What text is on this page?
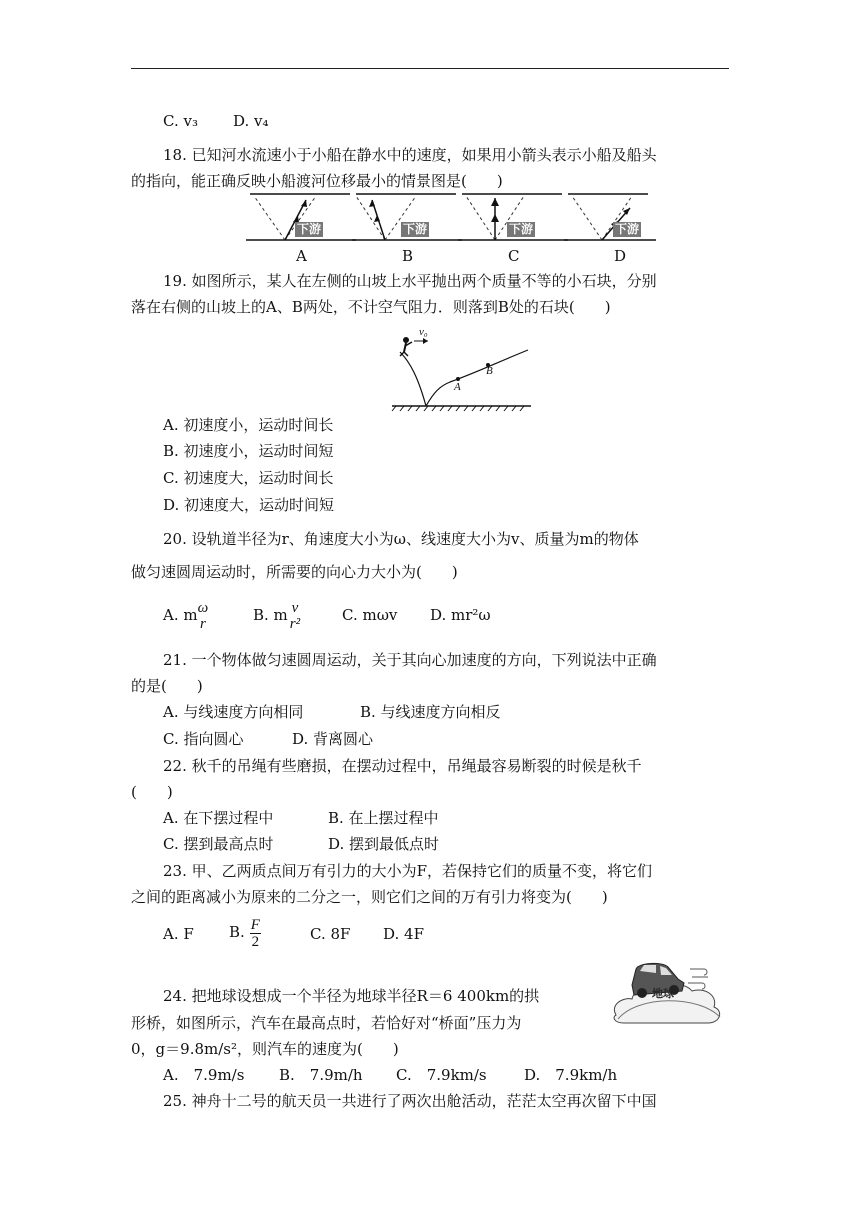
C. v₃ D. v₄
18. 已知河水流速小于小船在静水中的速度，如果用小箭头表示小船及船头
的指向，能正确反映小船渡河位移最小的情景图是(　　)
下游	下游	下游	下游
A	B	C	D
19. 如图所示，某人在左侧的山坡上水平抛出两个质量不等的小石块，分别
落在右侧的山坡上的A、B两处，不计空气阻力．则落到B处的石块(　　)
v₀
A
B
A. 初速度小，运动时间长
B. 初速度小，运动时间短
C. 初速度大，运动时间长
D. 初速度大，运动时间短
20. 设轨道半径为r、角速度大小为ω、线速度大小为v、质量为m的物体
做匀速圆周运动时，所需要的向心力大小为(　　)
A. m ω
r	B. m v
r²	C. mωv D. mr²ω
21. 一个物体做匀速圆周运动，关于其向心加速度的方向，下列说法中正确
的是(　　)
A. 与线速度方向相同	B. 与线速度方向相反
C. 指向圆心	D. 背离圆心
22. 秋千的吊绳有些磨损，在摆动过程中，吊绳最容易断裂的时候是秋千
(　　)
A. 在下摆过程中	B. 在上摆过程中
C. 摆到最高点时	D. 摆到最低点时
23. 甲、乙两质点间万有引力的大小为F，若保持它们的质量不变，将它们
之间的距离减小为原来的二分之一，则它们之间的万有引力将变为(　　)
A. F B. $\frac{F}{2}$	C. 8F D. 4F
24. 把地球设想成一个半径为地球半径R＝6 400km的拱
形桥，如图所示，汽车在最高点时，若恰好对“桥面”压力为
0，g＝9.8m/s²，则汽车的速度为(　　)
地球
A.　7.9m/s B.　7.9m/h C.　7.9km/s D.　7.9km/h
25. 神舟十二号的航天员一共进行了两次出舱活动，茫茫太空再次留下中国
